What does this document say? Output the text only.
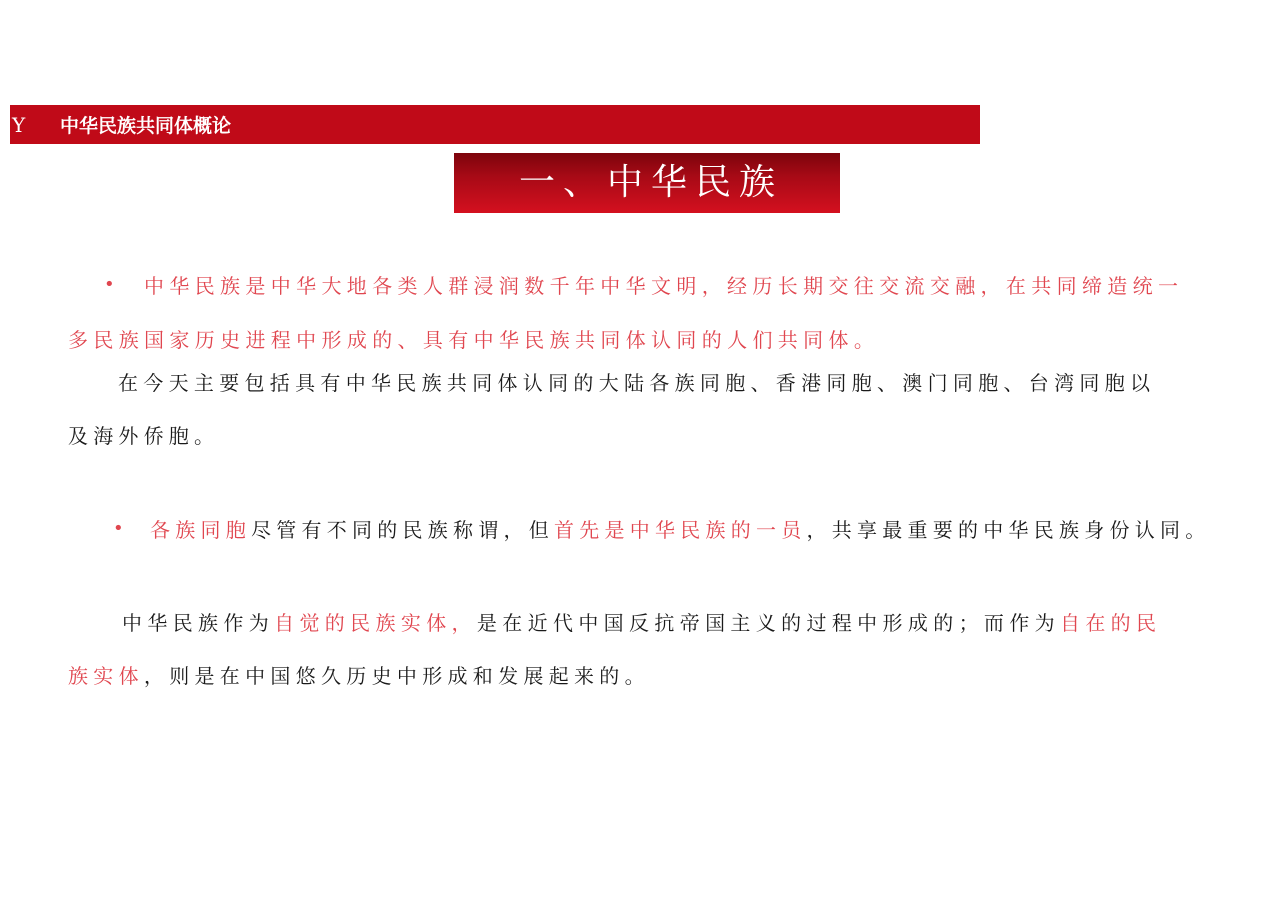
Y 中华民族共同体概论
一、中华民族
• 中华民族是中华大地各类人群浸润数千年中华文明，经历长期交往交流交融，在共同缔造统一
多民族国家历史进程中形成的、具有中华民族共同体认同的人们共同体。
在今天主要包括具有中华民族共同体认同的大陆各族同胞、香港同胞、澳门同胞、台湾同胞以
及海外侨胞。
• 各族同胞尽管有不同的民族称谓，但首先是中华民族的一员，共享最重要的中华民族身份认同。
中华民族作为自觉的民族实体，是在近代中国反抗帝国主义的过程中形成的；而作为自在的民
族实体，则是在中国悠久历史中形成和发展起来的。
